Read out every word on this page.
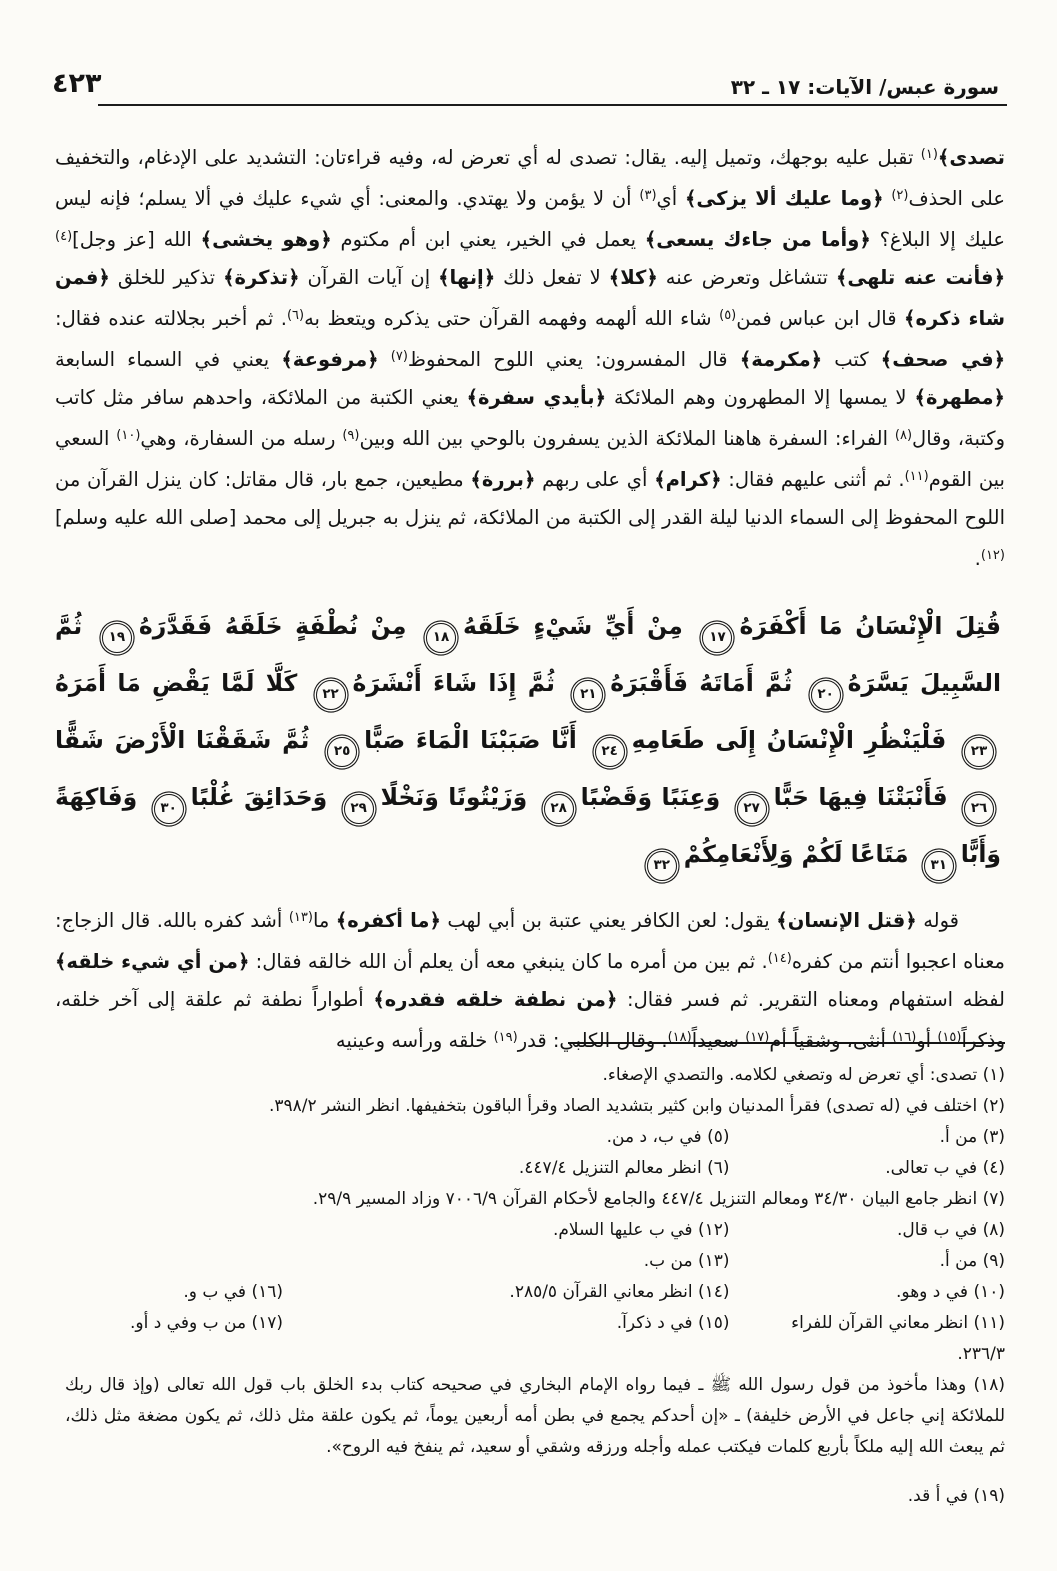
٤٢٣	سورة عبس/ الآيات: ١٧ ـ ٣٢

تصدى﴾$^{(١)}$ تقبل عليه بوجهك، وتميل إليه. يقال: تصدى له أي تعرض له، وفيه قراءتان: التشديد على الإدغام، والتخفيف على الحذف$^{(٢)}$ ﴿وما عليك ألا يزكى﴾ أي$^{(٣)}$ أن لا يؤمن ولا يهتدي. والمعنى: أي شيء عليك في ألا يسلم؛ فإنه ليس عليك إلا البلاغ؟ ﴿وأما من جاءك يسعى﴾ يعمل في الخير، يعني ابن أم مكتوم ﴿وهو يخشى﴾ الله [عز وجل]$^{(٤)}$ ﴿فأنت عنه تلهى﴾ تتشاغل وتعرض عنه ﴿كلا﴾ لا تفعل ذلك ﴿إنها﴾ إن آيات القرآن ﴿تذكرة﴾ تذكير للخلق ﴿فمن شاء ذكره﴾ قال ابن عباس فمن$^{(٥)}$ شاء الله ألهمه وفهمه القرآن حتى يذكره ويتعظ به$^{(٦)}$. ثم أخبر بجلالته عنده فقال: ﴿في صحف﴾ كتب ﴿مكرمة﴾ قال المفسرون: يعني اللوح المحفوظ$^{(٧)}$ ﴿مرفوعة﴾ يعني في السماء السابعة ﴿مطهرة﴾ لا يمسها إلا المطهرون وهم الملائكة ﴿بأيدي سفرة﴾ يعني الكتبة من الملائكة، واحدهم سافر مثل كاتب وكتبة، وقال$^{(٨)}$ الفراء: السفرة هاهنا الملائكة الذين يسفرون بالوحي بين الله وبين$^{(٩)}$ رسله من السفارة، وهي$^{(١٠)}$ السعي بين القوم$^{(١١)}$. ثم أثنى عليهم فقال: ﴿كرام﴾ أي على ربهم ﴿بررة﴾ مطيعين، جمع بار، قال مقاتل: كان ينزل القرآن من اللوح المحفوظ إلى السماء الدنيا ليلة القدر إلى الكتبة من الملائكة، ثم ينزل به جبريل إلى محمد [صلى الله عليه وسلم]$^{(١٢)}$.

قُتِلَ الْإِنْسَانُ مَا أَكْفَرَهُ١٧ مِنْ أَيِّ شَيْءٍ خَلَقَهُ١٨ مِنْ نُطْفَةٍ خَلَقَهُ فَقَدَّرَهُ١٩ ثُمَّ السَّبِيلَ يَسَّرَهُ٢٠ ثُمَّ أَمَاتَهُ فَأَقْبَرَهُ٢١ ثُمَّ إِذَا شَاءَ أَنْشَرَهُ٢٢ كَلَّا لَمَّا يَقْضِ مَا أَمَرَهُ٢٣ فَلْيَنْظُرِ الْإِنْسَانُ إِلَى طَعَامِهِ٢٤ أَنَّا صَبَبْنَا الْمَاءَ صَبًّا٢٥ ثُمَّ شَقَقْنَا الْأَرْضَ شَقًّا٢٦ فَأَنْبَتْنَا فِيهَا حَبًّا٢٧ وَعِنَبًا وَقَضْبًا٢٨ وَزَيْتُونًا وَنَخْلًا٢٩ وَحَدَائِقَ غُلْبًا٣٠ وَفَاكِهَةً وَأَبًّا٣١ مَتَاعًا لَكُمْ وَلِأَنْعَامِكُمْ٣٢

قوله ﴿قتل الإنسان﴾ يقول: لعن الكافر يعني عتبة بن أبي لهب ﴿ما أكفره﴾ ما$^{(١٣)}$ أشد كفره بالله. قال الزجاج: معناه اعجبوا أنتم من كفره$^{(١٤)}$. ثم بين من أمره ما كان ينبغي معه أن يعلم أن الله خالقه فقال: ﴿من أي شيء خلقه﴾ لفظه استفهام ومعناه التقرير. ثم فسر فقال: ﴿من نطفة خلقه فقدره﴾ أطواراً نطفة ثم علقة إلى آخر خلقه، وذكراً$^{(١٥)}$ أو$^{(١٦)}$ أنثى، وشقياً أم$^{(١٧)}$ سعيداً$^{(١٨)}$. وقال الكلبي: قدر$^{(١٩)}$ خلقه ورأسه وعينيه

(١) تصدى: أي تعرض له وتصغي لكلامه. والتصدي الإصغاء.
(٢) اختلف في (له تصدى) فقرأ المدنيان وابن كثير بتشديد الصاد وقرأ الباقون بتخفيفها. انظر النشر ٣٩٨/٢.
(٣) من أ.
(٥) في ب، د من.
(٤) في ب تعالى.
(٦) انظر معالم التنزيل ٤٤٧/٤.
(٧) انظر جامع البيان ٣٤/٣٠ ومعالم التنزيل ٤٤٧/٤ والجامع لأحكام القرآن ٧٠٠٦/٩ وزاد المسير ٢٩/٩.
(٨) في ب قال.
(١٢) في ب عليها السلام.
(٩) من أ.
(١٣) من ب.
(١٠) في د وهو.
(١٤) انظر معاني القرآن ٢٨٥/٥.
(١٦) في ب و.
(١١) انظر معاني القرآن للفراء ٢٣٦/٣.
(١٥) في د ذكرآ.
(١٧) من ب وفي د أو.
(١٨) وهذا مأخوذ من قول رسول الله ﷺ ـ فيما رواه الإمام البخاري في صحيحه كتاب بدء الخلق باب قول الله تعالى (وإذ قال ربك للملائكة إني جاعل في الأرض خليفة) ـ «إن أحدكم يجمع في بطن أمه أربعين يوماً، ثم يكون علقة مثل ذلك، ثم يكون مضغة مثل ذلك، ثم يبعث الله إليه ملكاً بأربع كلمات فيكتب عمله وأجله ورزقه وشقي أو سعيد، ثم ينفخ فيه الروح».
(١٩) في أ قد.
